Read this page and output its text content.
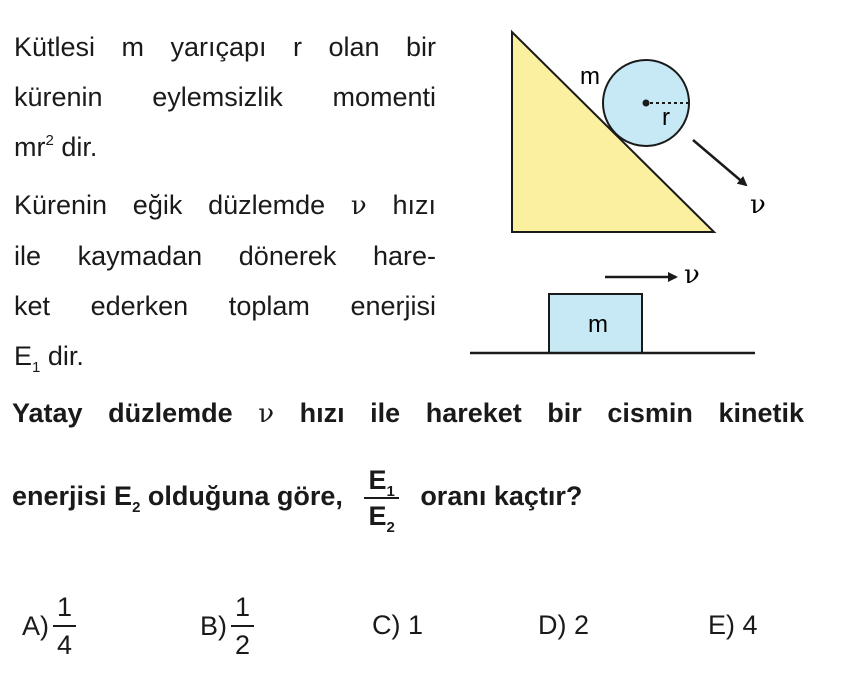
Kütlesi m yarıçapı r olan bir
kürenin eylemsizlik momenti
$mr^2$ dir.
Kürenin eğik düzlemde ν hızı
ile kaymadan dönerek hare-
ket ederken toplam enerjisi
$E_1$ dir.
r
m
ν
ν
m
Yatay düzlemde ν hızı ile hareket bir cismin kinetik
enerjisi $E_2$ olduğuna göre, $\frac{E_1}{E_2}$ oranı kaçtır?
$A) \frac{1}{4}$	$B) \frac{1}{2}$	C) 1	D) 2	E) 4
